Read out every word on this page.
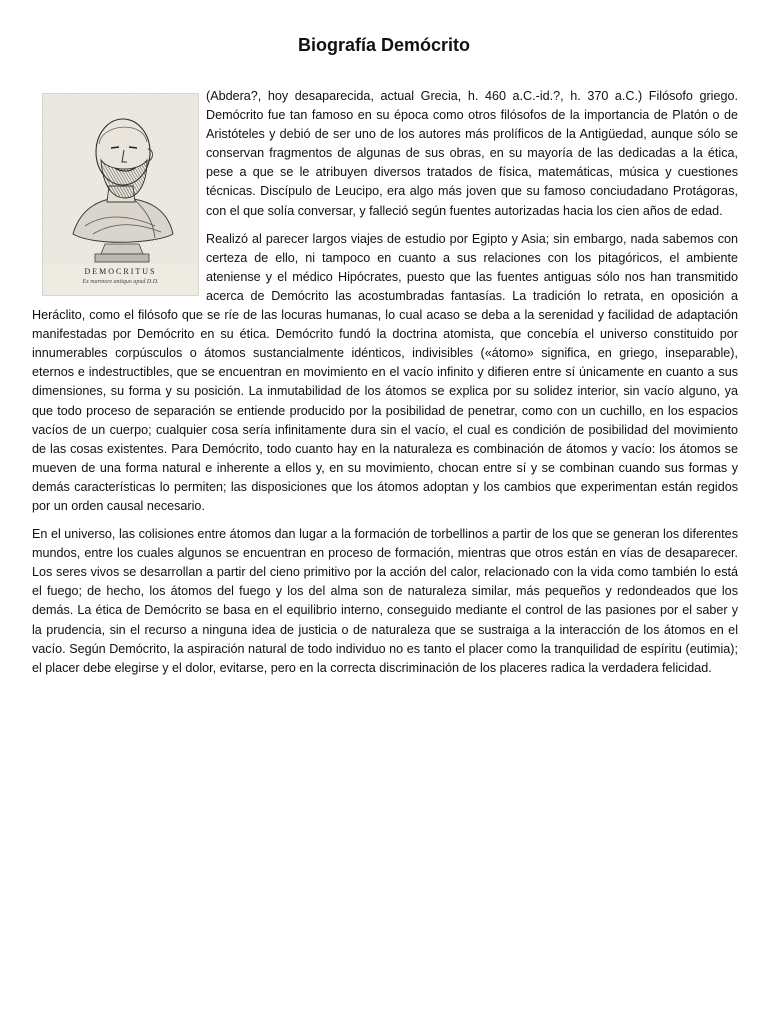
Biografía Demócrito
DEMOCRITUS
Ex marmore antiquo apud D.D.

(Abdera?, hoy desaparecida, actual Grecia, h. 460 a.C.-id.?, h. 370 a.C.) Filósofo griego. Demócrito fue tan famoso en su época como otros filósofos de la importancia de Platón o de Aristóteles y debió de ser uno de los autores más prolíficos de la Antigüedad, aunque sólo se conservan fragmentos de algunas de sus obras, en su mayoría de las dedicadas a la ética, pese a que se le atribuyen diversos tratados de física, matemáticas, música y cuestiones técnicas. Discípulo de Leucipo, era algo más joven que su famoso conciudadano Protágoras, con el que solía conversar, y falleció según fuentes autorizadas hacia los cien años de edad.

Realizó al parecer largos viajes de estudio por Egipto y Asia; sin embargo, nada sabemos con certeza de ello, ni tampoco en cuanto a sus relaciones con los pitagóricos, el ambiente ateniense y el médico Hipócrates, puesto que las fuentes antiguas sólo nos han transmitido acerca de Demócrito las acostumbradas fantasías. La tradición lo retrata, en oposición a Heráclito, como el filósofo que se ríe de las locuras humanas, lo cual acaso se deba a la serenidad y facilidad de adaptación manifestadas por Demócrito en su ética. Demócrito fundó la doctrina atomista, que concebía el universo constituido por innumerables corpúsculos o átomos sustancialmente idénticos, indivisibles («átomo» significa, en griego, inseparable), eternos e indestructibles, que se encuentran en movimiento en el vacío infinito y difieren entre sí únicamente en cuanto a sus dimensiones, su forma y su posición. La inmutabilidad de los átomos se explica por su solidez interior, sin vacío alguno, ya que todo proceso de separación se entiende producido por la posibilidad de penetrar, como con un cuchillo, en los espacios vacíos de un cuerpo; cualquier cosa sería infinitamente dura sin el vacío, el cual es condición de posibilidad del movimiento de las cosas existentes. Para Demócrito, todo cuanto hay en la naturaleza es combinación de átomos y vacío: los átomos se mueven de una forma natural e inherente a ellos y, en su movimiento, chocan entre sí y se combinan cuando sus formas y demás características lo permiten; las disposiciones que los átomos adoptan y los cambios que experimentan están regidos por un orden causal necesario.

En el universo, las colisiones entre átomos dan lugar a la formación de torbellinos a partir de los que se generan los diferentes mundos, entre los cuales algunos se encuentran en proceso de formación, mientras que otros están en vías de desaparecer. Los seres vivos se desarrollan a partir del cieno primitivo por la acción del calor, relacionado con la vida como también lo está el fuego; de hecho, los átomos del fuego y los del alma son de naturaleza similar, más pequeños y redondeados que los demás. La ética de Demócrito se basa en el equilibrio interno, conseguido mediante el control de las pasiones por el saber y la prudencia, sin el recurso a ninguna idea de justicia o de naturaleza que se sustraiga a la interacción de los átomos en el vacío. Según Demócrito, la aspiración natural de todo individuo no es tanto el placer como la tranquilidad de espíritu (eutimia); el placer debe elegirse y el dolor, evitarse, pero en la correcta discriminación de los placeres radica la verdadera felicidad.
